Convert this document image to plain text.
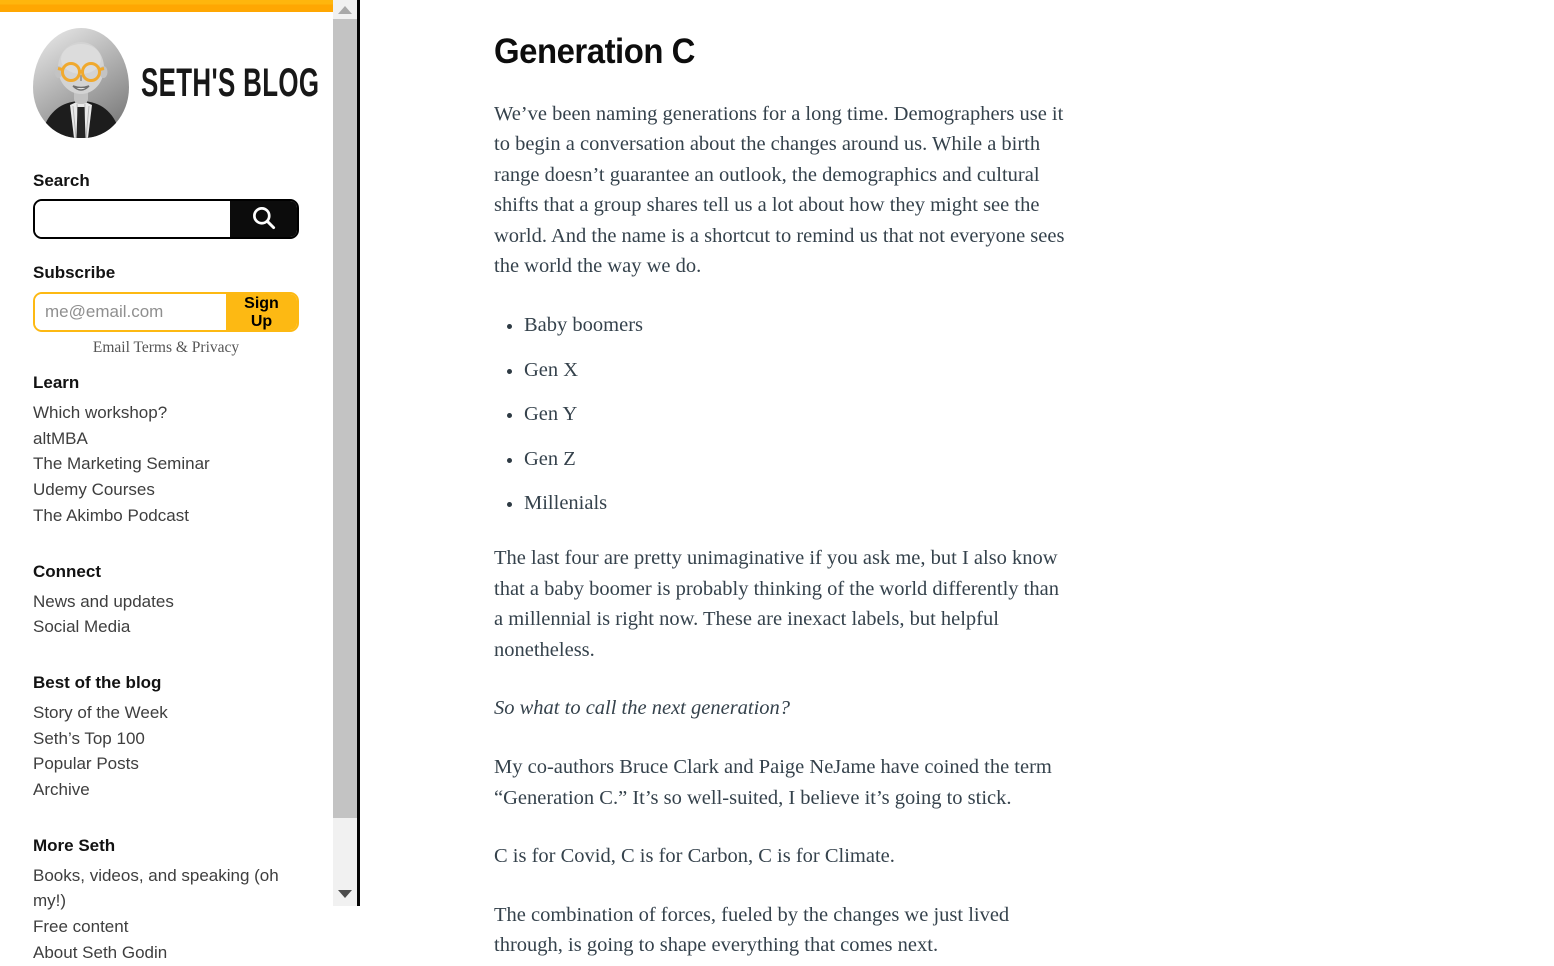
SETH'S BLOG
Search
Subscribe
me@email.com
Sign Up
Email Terms & Privacy
Learn
Which workshop?
altMBA
The Marketing Seminar
Udemy Courses
The Akimbo Podcast
Connect
News and updates
Social Media
Best of the blog
Story of the Week
Seth’s Top 100
Popular Posts
Archive
More Seth
Books, videos, and speaking (oh my!)
Free content
About Seth Godin
Generation C

We’ve been naming generations for a long time. Demographers use it to begin a conversation about the changes around us. While a birth range doesn’t guarantee an outlook, the demographics and cultural shifts that a group shares tell us a lot about how they might see the world. And the name is a shortcut to remind us that not everyone sees the world the way we do.

• Baby boomers
• Gen X
• Gen Y
• Gen Z
• Millenials

The last four are pretty unimaginative if you ask me, but I also know that a baby boomer is probably thinking of the world differently than a millennial is right now. These are inexact labels, but helpful nonetheless.

So what to call the next generation?

My co-authors Bruce Clark and Paige NeJame have coined the term “Generation C.” It’s so well-suited, I believe it’s going to stick.

C is for Covid, C is for Carbon, C is for Climate.

The combination of forces, fueled by the changes we just lived through, is going to shape everything that comes next.
